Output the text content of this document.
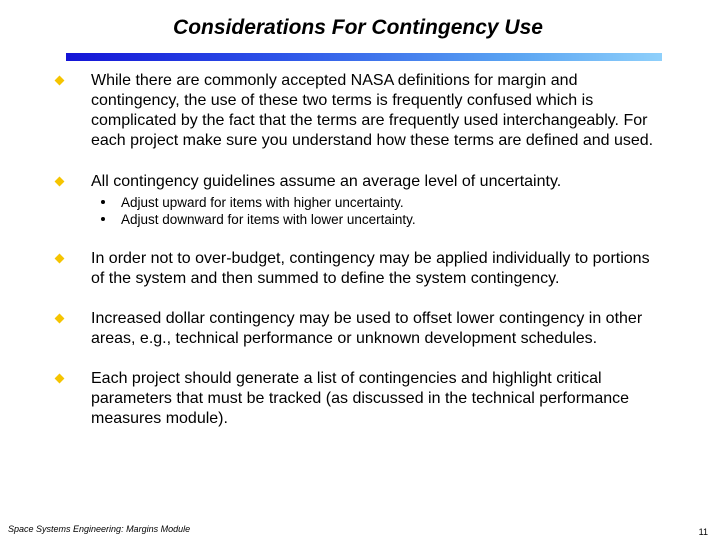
Considerations For Contingency Use
While there are commonly accepted NASA definitions for margin and contingency, the use of these two terms is frequently confused which is complicated by the fact that the terms are frequently used interchangeably. For each project make sure you understand how these terms are defined and used.
All contingency guidelines assume an average level of uncertainty.
Adjust upward for items with higher uncertainty.
Adjust downward for items with lower uncertainty.
In order not to over-budget, contingency may be applied individually to portions of the system and then summed to define the system contingency.
Increased dollar contingency may be used to offset lower contingency in other areas, e.g., technical performance or unknown development schedules.
Each project should generate a list of contingencies and highlight critical parameters that must be tracked (as discussed in the technical performance measures module).
Space Systems Engineering: Margins Module	11
